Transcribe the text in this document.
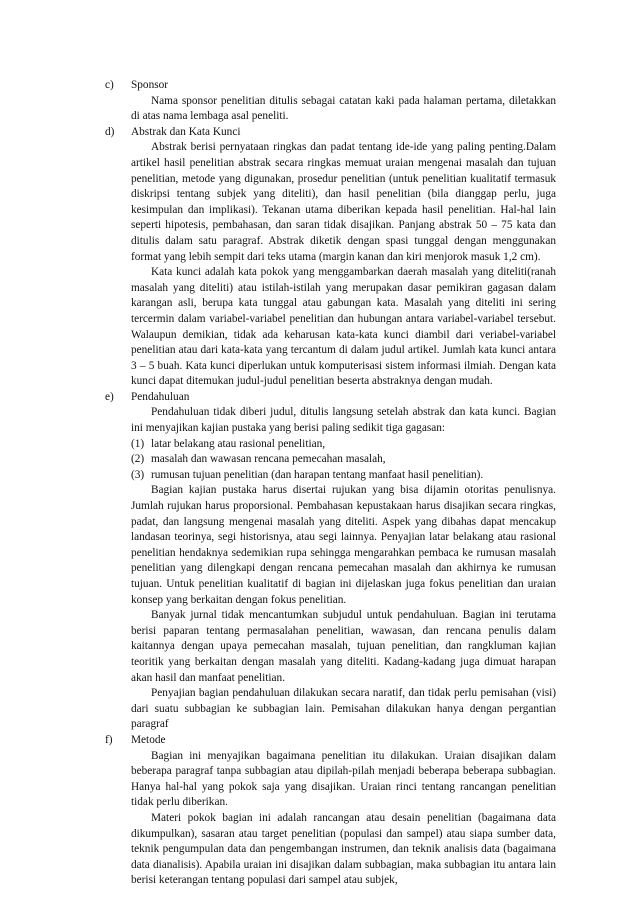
c) Sponsor

Nama sponsor penelitian ditulis sebagai catatan kaki pada halaman pertama, diletakkan di atas nama lembaga asal peneliti.

d) Abstrak dan Kata Kunci

Abstrak berisi pernyataan ringkas dan padat tentang ide-ide yang paling penting.Dalam artikel hasil penelitian abstrak secara ringkas memuat uraian mengenai masalah dan tujuan penelitian, metode yang digunakan, prosedur penelitian (untuk penelitian kualitatif termasuk diskripsi tentang subjek yang diteliti), dan hasil penelitian (bila dianggap perlu, juga kesimpulan dan implikasi). Tekanan utama diberikan kepada hasil penelitian. Hal-hal lain seperti hipotesis, pembahasan, dan saran tidak disajikan. Panjang abstrak 50 – 75 kata dan ditulis dalam satu paragraf. Abstrak diketik dengan spasi tunggal dengan menggunakan format yang lebih sempit dari teks utama (margin kanan dan kiri menjorok masuk 1,2 cm).

Kata kunci adalah kata pokok yang menggambarkan daerah masalah yang diteliti(ranah masalah yang diteliti) atau istilah-istilah yang merupakan dasar pemikiran gagasan dalam karangan asli, berupa kata tunggal atau gabungan kata. Masalah yang diteliti ini sering tercermin dalam variabel-variabel penelitian dan hubungan antara variabel-variabel tersebut. Walaupun demikian, tidak ada keharusan kata-kata kunci diambil dari veriabel-variabel penelitian atau dari kata-kata yang tercantum di dalam judul artikel. Jumlah kata kunci antara 3 – 5 buah. Kata kunci diperlukan untuk komputerisasi sistem informasi ilmiah. Dengan kata kunci dapat ditemukan judul-judul penelitian beserta abstraknya dengan mudah.

e) Pendahuluan

Pendahuluan tidak diberi judul, ditulis langsung setelah abstrak dan kata kunci. Bagian ini menyajikan kajian pustaka yang berisi paling sedikit tiga gagasan:

(1) latar belakang atau rasional penelitian,
(2) masalah dan wawasan rencana pemecahan masalah,
(3) rumusan tujuan penelitian (dan harapan tentang manfaat hasil penelitian).

Bagian kajian pustaka harus disertai rujukan yang bisa dijamin otoritas penulisnya. Jumlah rujukan harus proporsional. Pembahasan kepustakaan harus disajikan secara ringkas, padat, dan langsung mengenai masalah yang diteliti. Aspek yang dibahas dapat mencakup landasan teorinya, segi historisnya, atau segi lainnya. Penyajian latar belakang atau rasional penelitian hendaknya sedemikian rupa sehingga mengarahkan pembaca ke rumusan masalah penelitian yang dilengkapi dengan rencana pemecahan masalah dan akhirnya ke rumusan tujuan. Untuk penelitian kualitatif di bagian ini dijelaskan juga fokus penelitian dan uraian konsep yang berkaitan dengan fokus penelitian.

Banyak jurnal tidak mencantumkan subjudul untuk pendahuluan. Bagian ini terutama berisi paparan tentang permasalahan penelitian, wawasan, dan rencana penulis dalam kaitannya dengan upaya pemecahan masalah, tujuan penelitian, dan rangkluman kajian teoritik yang berkaitan dengan masalah yang diteliti. Kadang-kadang juga dimuat harapan akan hasil dan manfaat penelitian.

Penyajian bagian pendahuluan dilakukan secara naratif, dan tidak perlu pemisahan (visi) dari suatu subbagian ke subbagian lain. Pemisahan dilakukan hanya dengan pergantian paragraf

f) Metode

Bagian ini menyajikan bagaimana penelitian itu dilakukan. Uraian disajikan dalam beberapa paragraf tanpa subbagian atau dipilah-pilah menjadi beberapa beberapa subbagian. Hanya hal-hal yang pokok saja yang disajikan. Uraian rinci tentang rancangan penelitian tidak perlu diberikan.

Materi pokok bagian ini adalah rancangan atau desain penelitian (bagaimana data dikumpulkan), sasaran atau target penelitian (populasi dan sampel) atau siapa sumber data, teknik pengumpulan data dan pengembangan instrumen, dan teknik analisis data (bagaimana data dianalisis). Apabila uraian ini disajikan dalam subbagian, maka subbagian itu antara lain berisi keterangan tentang populasi dari sampel atau subjek,
